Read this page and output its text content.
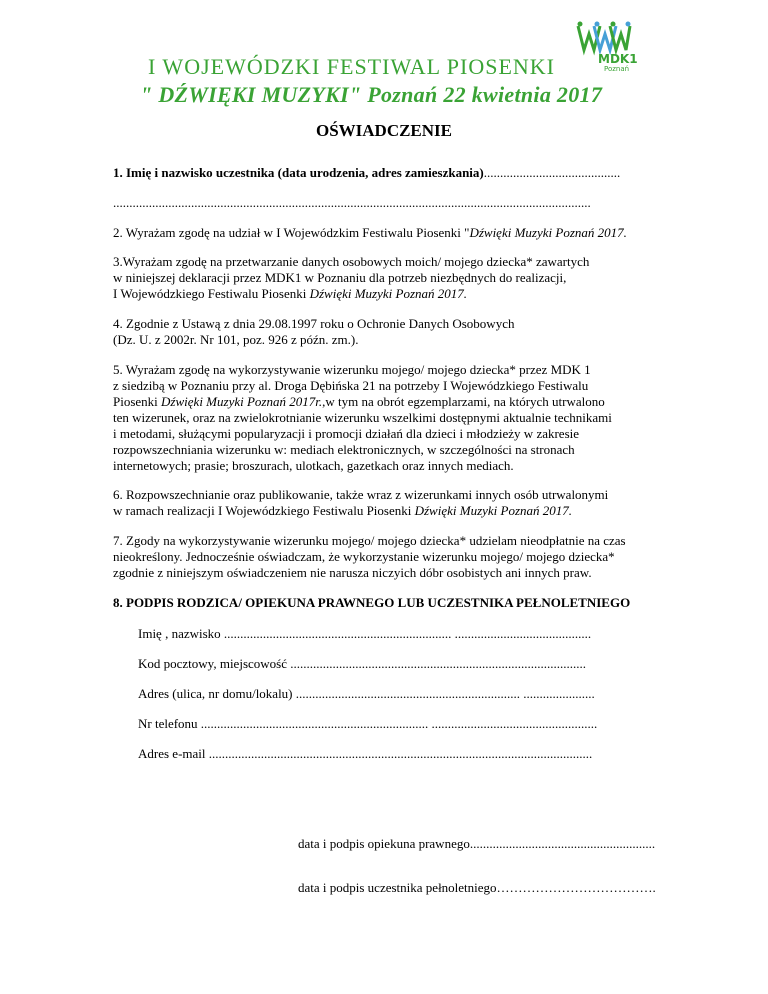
MDK1
Poznań
I WOJEWÓDZKI FESTIWAL PIOSENKI
" DŹWIĘKI MUZYKI" Poznań 22 kwietnia 2017
OŚWIADCZENIE
1. Imię i nazwisko uczestnika (data urodzenia, adres zamieszkania)..........................................
...................................................................................................................................................
2. Wyrażam zgodę na udział w I Wojewódzkim Festiwalu Piosenki "Dźwięki Muzyki Poznań 2017.
3.Wyrażam zgodę na przetwarzanie danych osobowych moich/ mojego dziecka* zawartych
w niniejszej deklaracji przez MDK1 w Poznaniu dla potrzeb niezbędnych do realizacji,
I Wojewódzkiego Festiwalu Piosenki Dźwięki Muzyki Poznań 2017.
4. Zgodnie z Ustawą z dnia 29.08.1997 roku o Ochronie Danych Osobowych
(Dz. U. z 2002r. Nr 101, poz. 926 z późn. zm.).
5. Wyrażam zgodę na wykorzystywanie wizerunku mojego/ mojego dziecka* przez MDK 1
z siedzibą w Poznaniu przy al. Droga Dębińska 21 na potrzeby I Wojewódzkiego Festiwalu
Piosenki Dźwięki Muzyki Poznań 2017r.,w tym na obrót egzemplarzami, na których utrwalono
ten wizerunek, oraz na zwielokrotnianie wizerunku wszelkimi dostępnymi aktualnie technikami
i metodami, służącymi popularyzacji i promocji działań dla dzieci i młodzieży w zakresie
rozpowszechniania wizerunku w: mediach elektronicznych, w szczególności na stronach
internetowych; prasie; broszurach, ulotkach, gazetkach oraz innych mediach.
6. Rozpowszechnianie oraz publikowanie, także wraz z wizerunkami innych osób utrwalonymi
w ramach realizacji I Wojewódzkiego Festiwalu Piosenki Dźwięki Muzyki Poznań 2017.
7. Zgody na wykorzystywanie wizerunku mojego/ mojego dziecka* udzielam nieodpłatnie na czas
nieokreślony. Jednocześnie oświadczam, że wykorzystanie wizerunku mojego/ mojego dziecka*
zgodnie z niniejszym oświadczeniem nie narusza niczyich dóbr osobistych ani innych praw.
8. PODPIS RODZICA/ OPIEKUNA PRAWNEGO LUB UCZESTNIKA PEŁNOLETNIEGO
Imię , nazwisko ...................................................................... ..........................................
Kod pocztowy, miejscowość ...........................................................................................
Adres (ulica, nr domu/lokalu) ..................................................................... ......................
Nr telefonu ...................................................................... ...................................................
Adres e-mail ......................................................................................................................
data i podpis opiekuna prawnego.........................................................
data i podpis uczestnika pełnoletniego……………………………….
